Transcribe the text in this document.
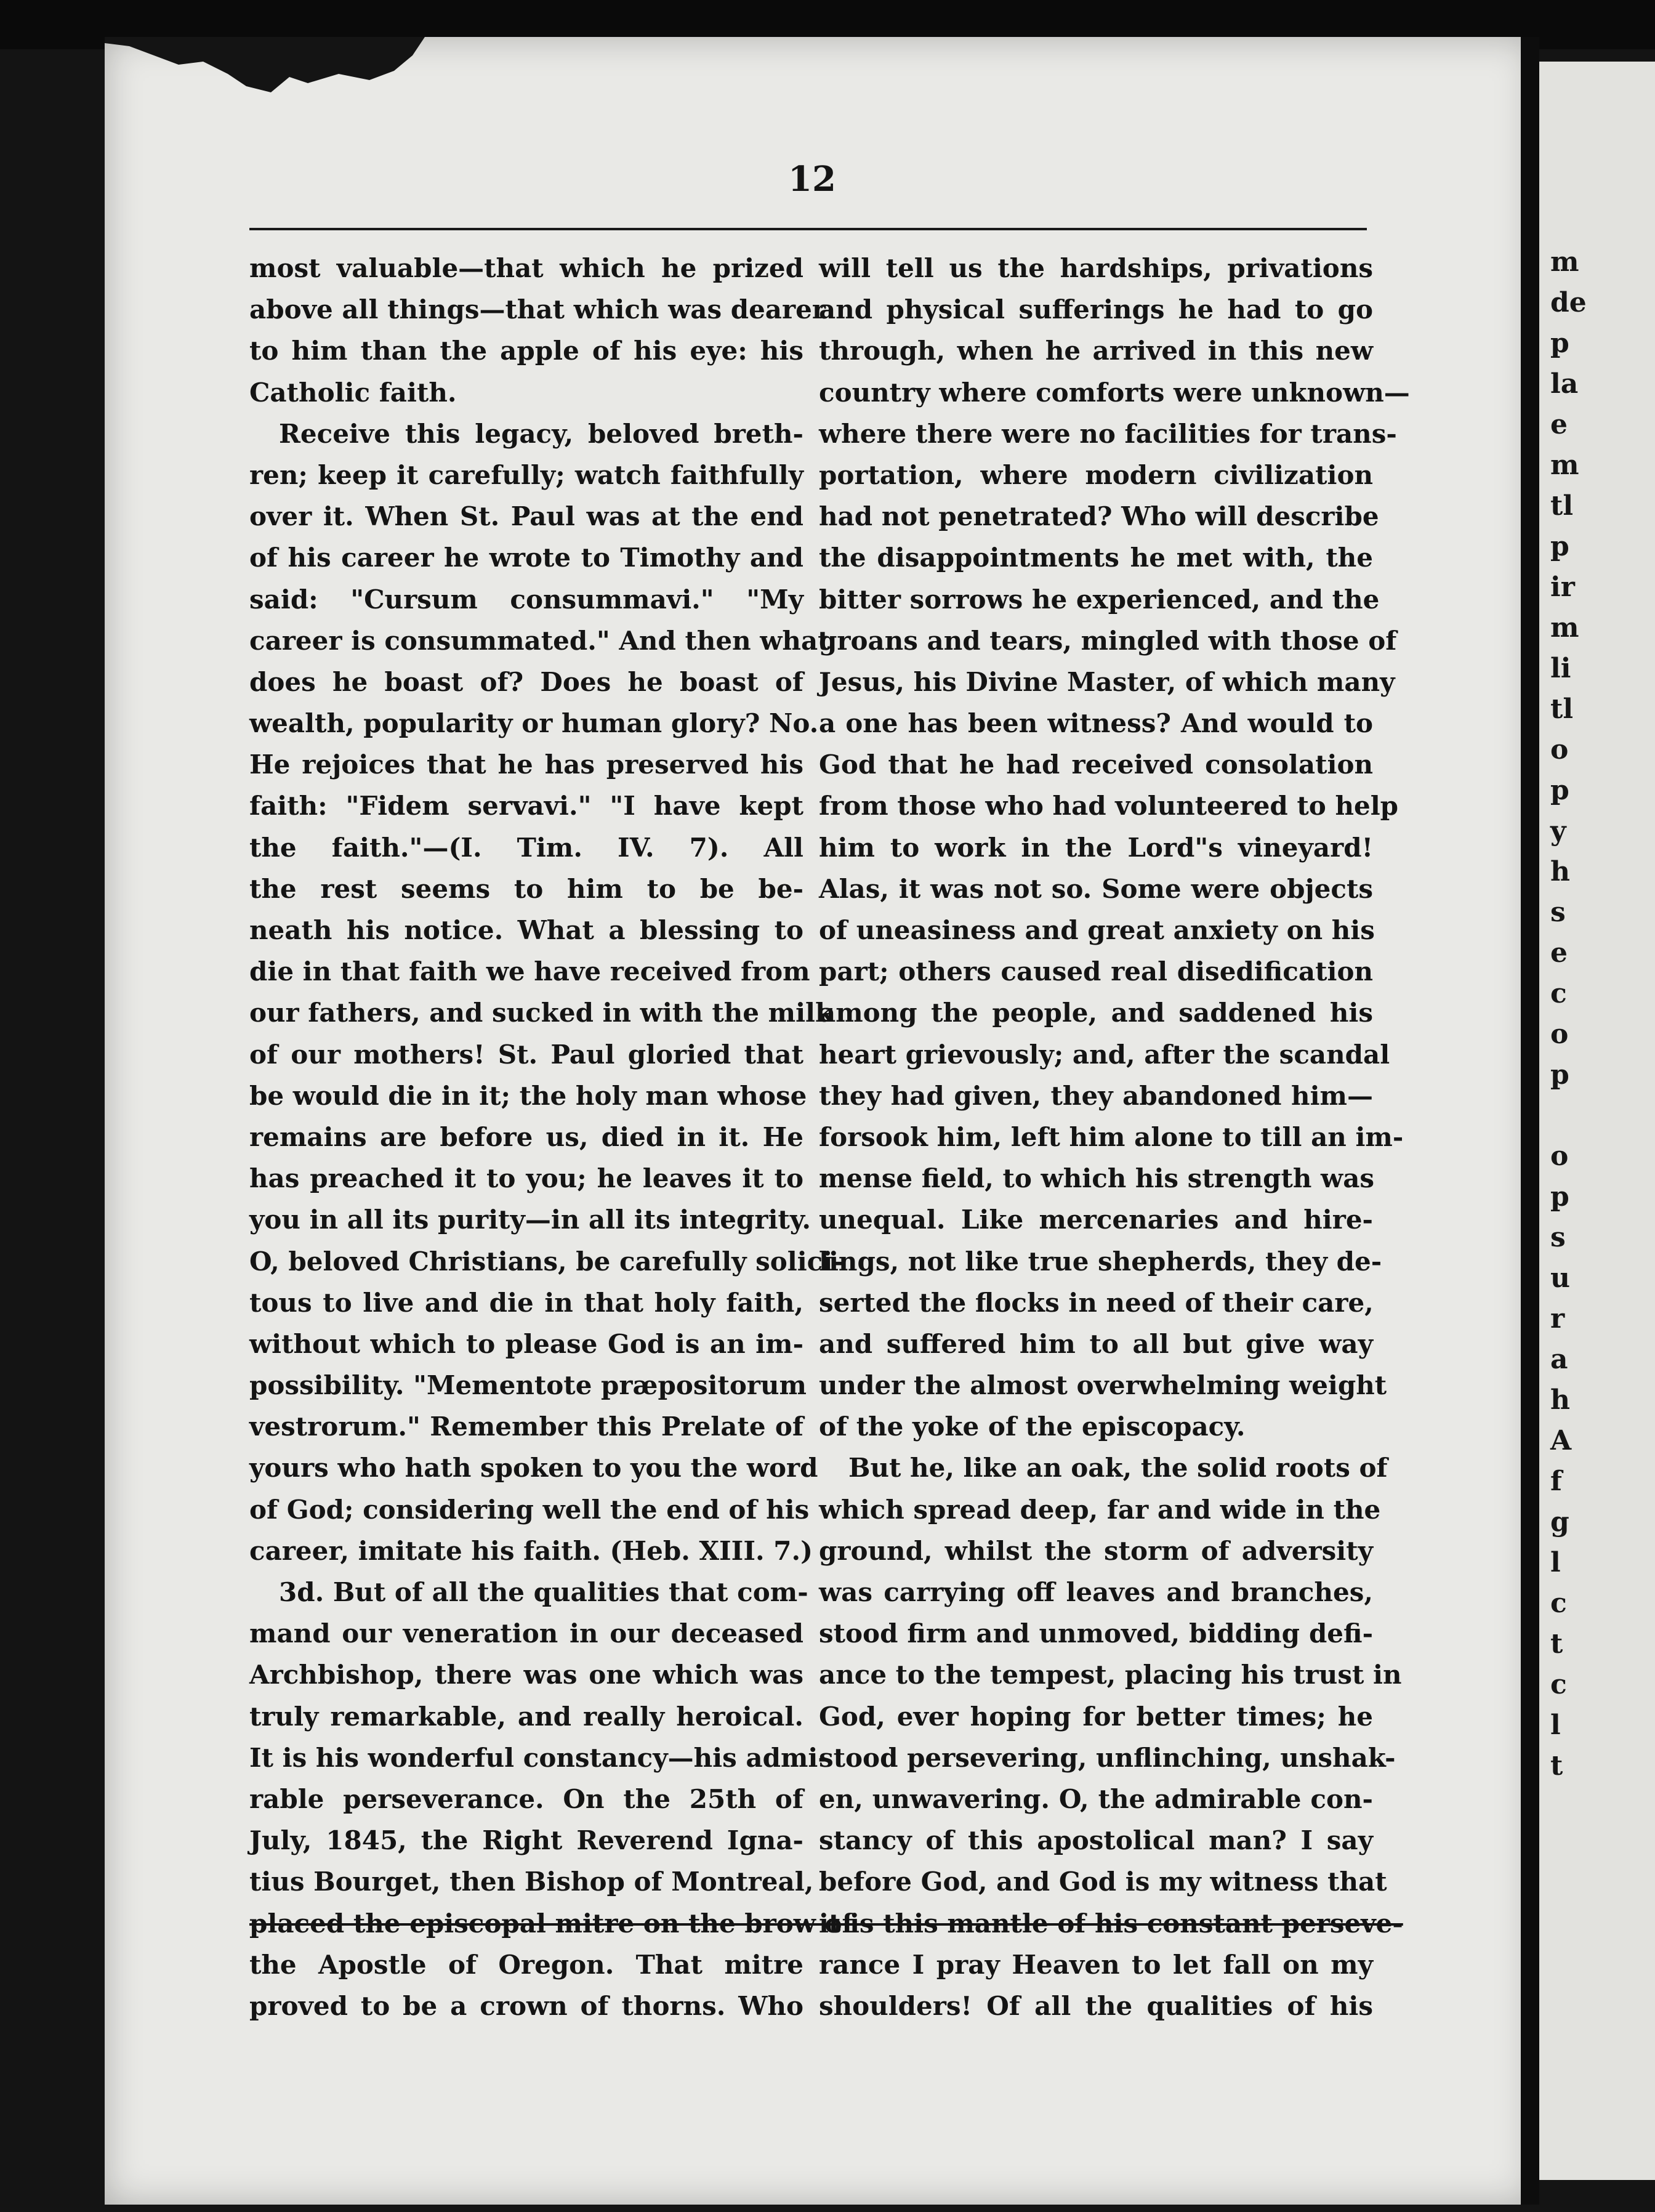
m
de
p
la
e
m
tl
p
ir
m
li
tl
o
p
y
h
s
e
c
o
p
o
p
s
u
r
a
h
A
f
g
l
c
t
c
l
t
12
most valuable—that which he prized
above all things—that which was dearer
to him than the apple of his eye: his
Catholic faith.
Receive this legacy, beloved breth-
ren; keep it carefully; watch faithfully
over it. When St. Paul was at the end
of his career he wrote to Timothy and
said: "Cursum consummavi." "My
career is consummated." And then what
does he boast of? Does he boast of
wealth, popularity or human glory? No.
He rejoices that he has preserved his
faith: "Fidem servavi." "I have kept
the faith."—(I. Tim. IV. 7). All
the rest seems to him to be be-
neath his notice. What a blessing to
die in that faith we have received from
our fathers, and sucked in with the milk
of our mothers! St. Paul gloried that
be would die in it; the holy man whose
remains are before us, died in it. He
has preached it to you; he leaves it to
you in all its purity—in all its integrity.
O, beloved Christians, be carefully solici-
tous to live and die in that holy faith,
without which to please God is an im-
possibility. "Mementote præpositorum
vestrorum." Remember this Prelate of
yours who hath spoken to you the word
of God; considering well the end of his
career, imitate his faith. (Heb. XIII. 7.)
3d. But of all the qualities that com-
mand our veneration in our deceased
Archbishop, there was one which was
truly remarkable, and really heroical.
It is his wonderful constancy—his admi-
rable perseverance. On the 25th of
July, 1845, the Right Reverend Igna-
tius Bourget, then Bishop of Montreal,
placed the episcopal mitre on the brow of
the Apostle of Oregon. That mitre
proved to be a crown of thorns. Who
will tell us the hardships, privations
and physical sufferings he had to go
through, when he arrived in this new
country where comforts were unknown—
where there were no facilities for trans-
portation, where modern civilization
had not penetrated? Who will describe
the disappointments he met with, the
bitter sorrows he experienced, and the
groans and tears, mingled with those of
Jesus, his Divine Master, of which many
a one has been witness? And would to
God that he had received consolation
from those who had volunteered to help
him to work in the Lord"s vineyard!
Alas, it was not so. Some were objects
of uneasiness and great anxiety on his
part; others caused real disedification
among the people, and saddened his
heart grievously; and, after the scandal
they had given, they abandoned him—
forsook him, left him alone to till an im-
mense field, to which his strength was
unequal. Like mercenaries and hire-
lings, not like true shepherds, they de-
serted the flocks in need of their care,
and suffered him to all but give way
under the almost overwhelming weight
of the yoke of the episcopacy.
But he, like an oak, the solid roots of
which spread deep, far and wide in the
ground, whilst the storm of adversity
was carrying off leaves and branches,
stood firm and unmoved, bidding defi-
ance to the tempest, placing his trust in
God, ever hoping for better times; he
stood persevering, unflinching, unshak-
en, unwavering. O, the admirable con-
stancy of this apostolical man? I say
before God, and God is my witness that
it is this mantle of his constant perseve-
rance I pray Heaven to let fall on my
shoulders! Of all the qualities of his
